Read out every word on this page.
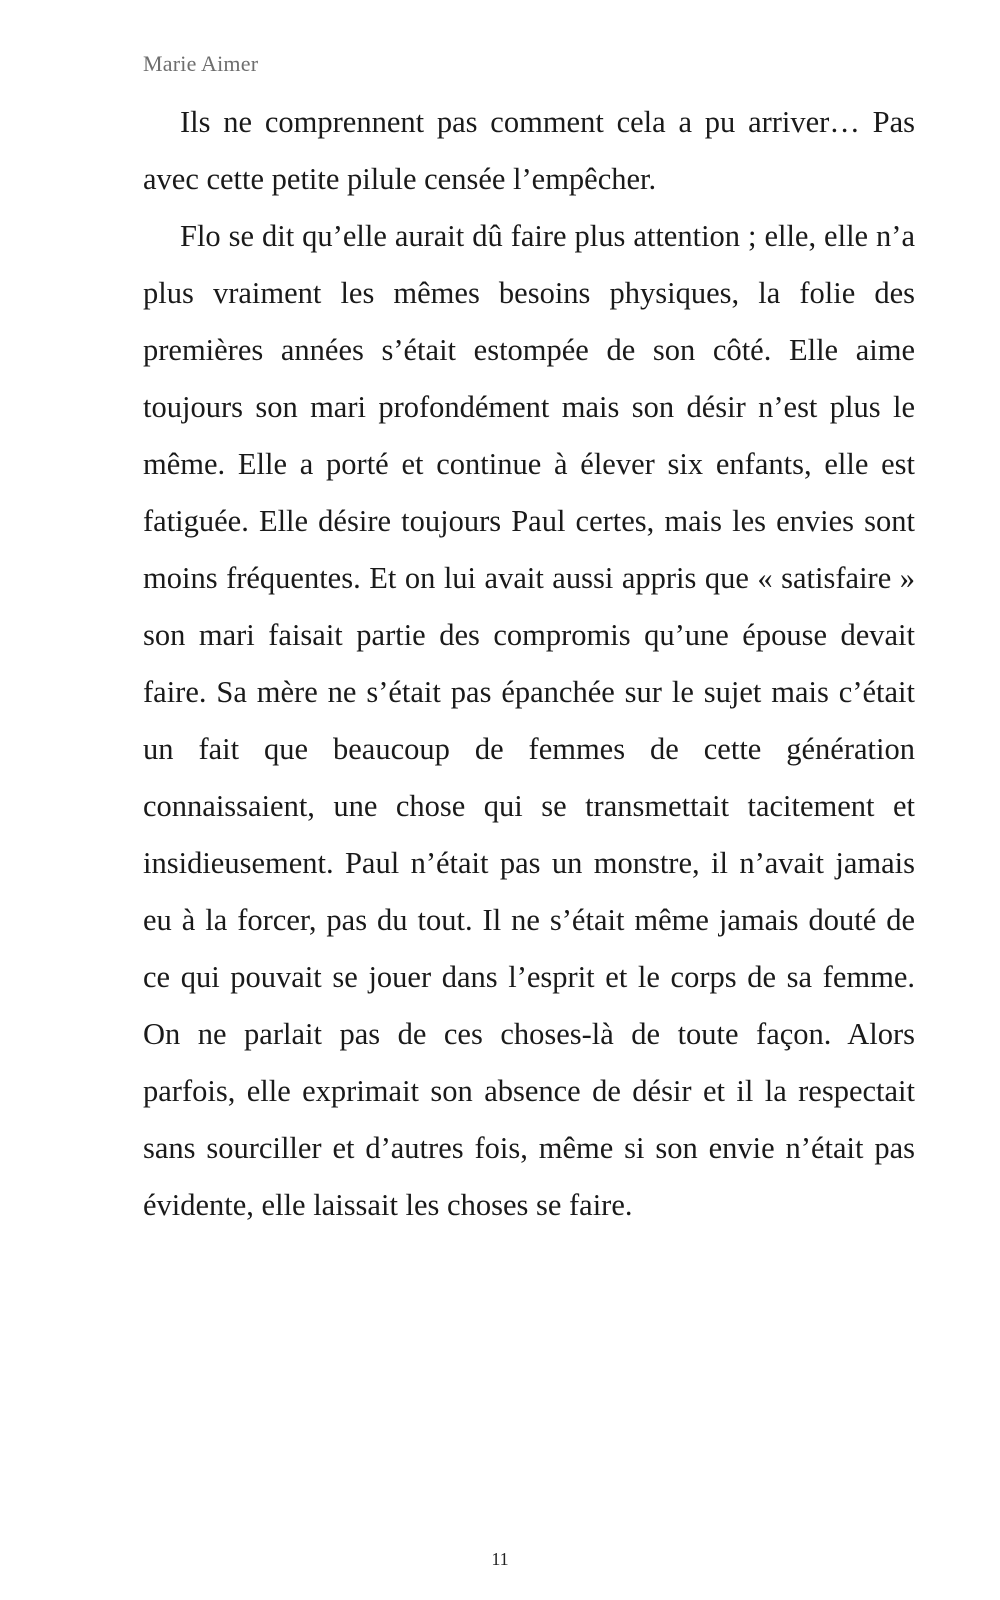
Marie Aimer

Ils ne comprennent pas comment cela a pu arriver… Pas avec cette petite pilule censée l’empêcher.

Flo se dit qu’elle aurait dû faire plus attention ; elle, elle n’a plus vraiment les mêmes besoins physiques, la folie des premières années s’était estompée de son côté. Elle aime toujours son mari profondément mais son désir n’est plus le même. Elle a porté et continue à élever six enfants, elle est fatiguée. Elle désire toujours Paul certes, mais les envies sont moins fréquentes. Et on lui avait aussi appris que « satisfaire » son mari faisait partie des compromis qu’une épouse devait faire. Sa mère ne s’était pas épanchée sur le sujet mais c’était un fait que beaucoup de femmes de cette génération connaissaient, une chose qui se transmettait tacitement et insidieusement. Paul n’était pas un monstre, il n’avait jamais eu à la forcer, pas du tout. Il ne s’était même jamais douté de ce qui pouvait se jouer dans l’esprit et le corps de sa femme. On ne parlait pas de ces choses-là de toute façon. Alors parfois, elle exprimait son absence de désir et il la respectait sans sourciller et d’autres fois, même si son envie n’était pas évidente, elle laissait les choses se faire.

11
